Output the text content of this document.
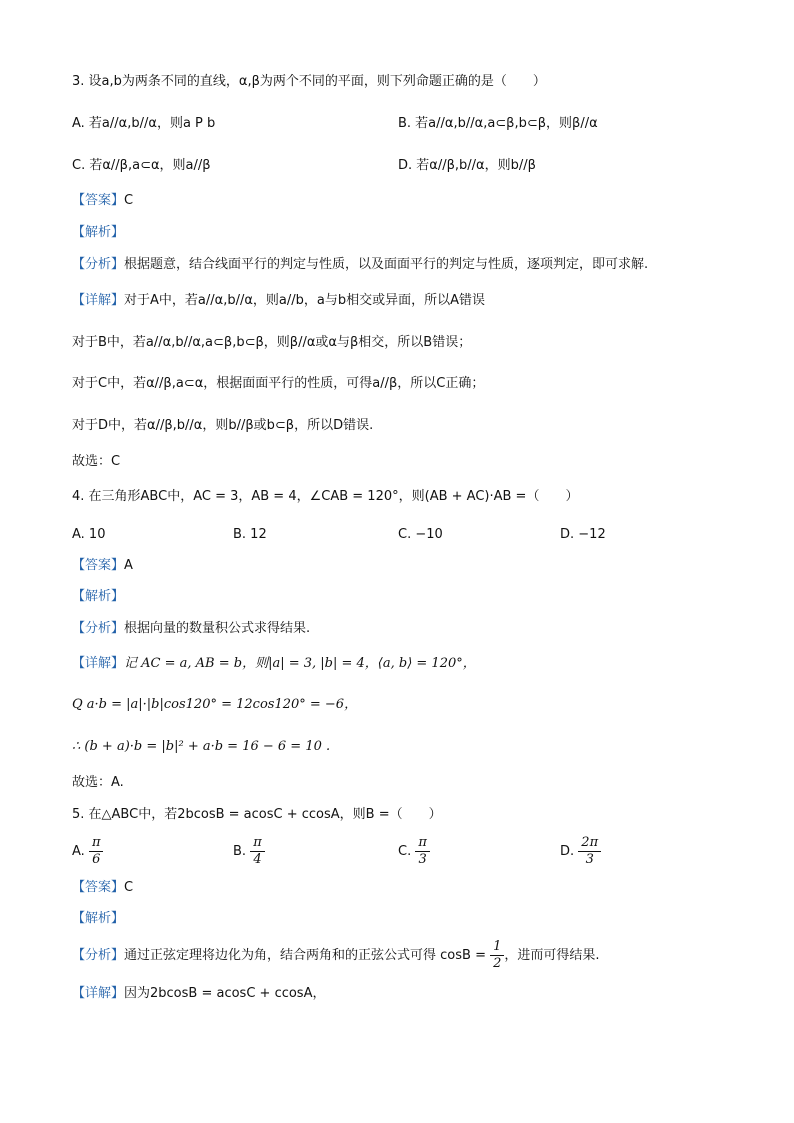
3. 设a,b为两条不同的直线，α,β为两个不同的平面，则下列命题正确的是（　　）
A. 若a//α,b//α，则a P b	B. 若a//α,b//α,a⊂β,b⊂β，则β//α
C. 若α//β,a⊂α，则a//β	D. 若α//β,b//α，则b//β
【答案】C
【解析】
【分析】根据题意，结合线面平行的判定与性质，以及面面平行的判定与性质，逐项判定，即可求解.
【详解】对于A中，若a//α,b//α，则a//b，a与b相交或异面，所以A错误
对于B中，若a//α,b//α,a⊂β,b⊂β，则β//α或α与β相交，所以B错误；
对于C中，若α//β,a⊂α，根据面面平行的性质，可得a//β，所以C正确；
对于D中，若α//β,b//α，则b//β或b⊂β，所以D错误.
故选：C
4. 在三角形ABC中，AC = 3，AB = 4，∠CAB = 120°，则(AB + AC)·AB =（　　）
A. 10	B. 12	C. −10	D. −12
【答案】A
【解析】
【分析】根据向量的数量积公式求得结果.
【详解】记 AC = a, AB = b，则|a| = 3, |b| = 4，⟨a, b⟩ = 120°，
Q a·b = |a|·|b|cos120° = 12cos120° = −6，
∴ (b + a)·b = |b|² + a·b = 16 − 6 = 10 .
故选：A.
5. 在△ABC中，若2bcosB = acosC + ccosA，则B =（　　）
A. $\frac{\pi}{6}$	B. $\frac{\pi}{4}$	C. $\frac{\pi}{3}$	D. $\frac{2\pi}{3}$
【答案】C
【解析】
【分析】通过正弦定理将边化为角，结合两角和的正弦公式可得 $\cos B = \frac{1}{2}$ ，进而可得结果.
【详解】因为2bcosB = acosC + ccosA，
